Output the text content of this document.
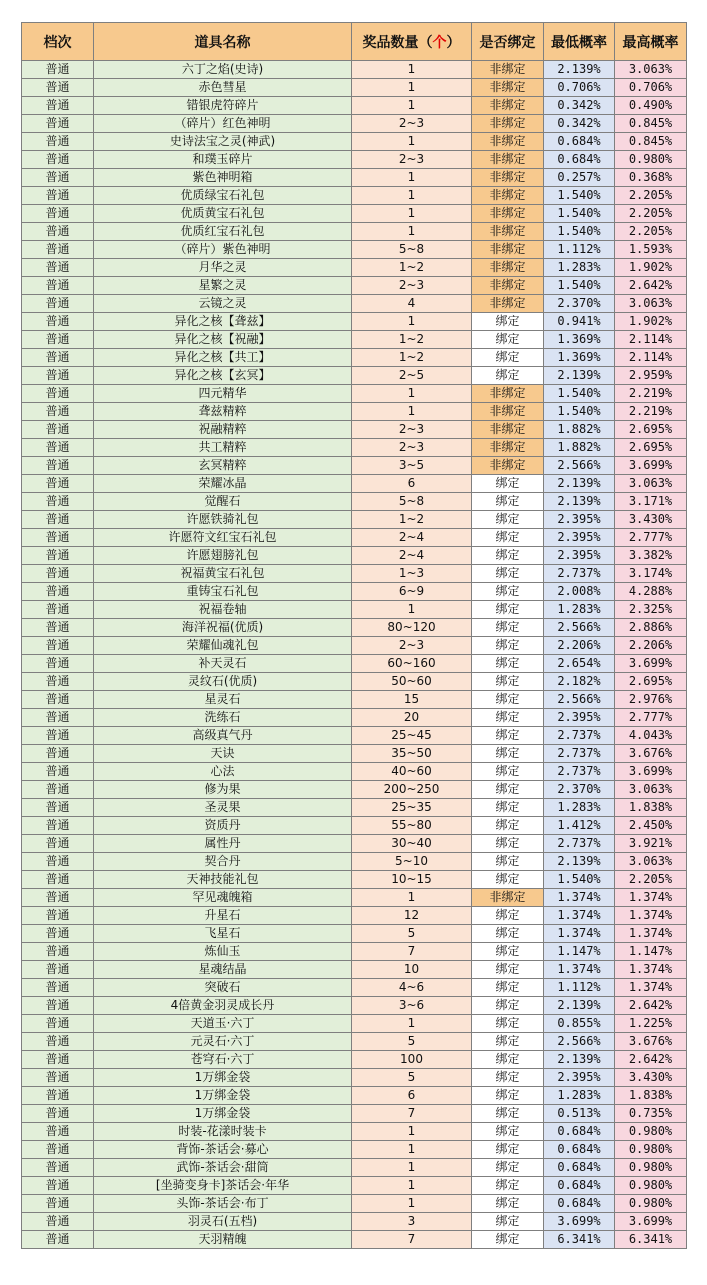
档次	道具名称	奖品数量（个）	是否绑定	最低概率	最高概率
普通	六丁之焰(史诗)	1	非绑定	2.139%	3.063%
普通	赤色彗星	1	非绑定	0.706%	0.706%
普通	错银虎符碎片	1	非绑定	0.342%	0.490%
普通	（碎片）红色神明	2~3	非绑定	0.342%	0.845%
普通	史诗法宝之灵(神武)	1	非绑定	0.684%	0.845%
普通	和璞玉碎片	2~3	非绑定	0.684%	0.980%
普通	紫色神明箱	1	非绑定	0.257%	0.368%
普通	优质绿宝石礼包	1	非绑定	1.540%	2.205%
普通	优质黄宝石礼包	1	非绑定	1.540%	2.205%
普通	优质红宝石礼包	1	非绑定	1.540%	2.205%
普通	（碎片）紫色神明	5~8	非绑定	1.112%	1.593%
普通	月华之灵	1~2	非绑定	1.283%	1.902%
普通	星繁之灵	2~3	非绑定	1.540%	2.642%
普通	云镜之灵	4	非绑定	2.370%	3.063%
普通	异化之核【聋兹】	1	绑定	0.941%	1.902%
普通	异化之核【祝融】	1~2	绑定	1.369%	2.114%
普通	异化之核【共工】	1~2	绑定	1.369%	2.114%
普通	异化之核【玄冥】	2~5	绑定	2.139%	2.959%
普通	四元精华	1	非绑定	1.540%	2.219%
普通	聋兹精粹	1	非绑定	1.540%	2.219%
普通	祝融精粹	2~3	非绑定	1.882%	2.695%
普通	共工精粹	2~3	非绑定	1.882%	2.695%
普通	玄冥精粹	3~5	非绑定	2.566%	3.699%
普通	荣耀冰晶	6	绑定	2.139%	3.063%
普通	觉醒石	5~8	绑定	2.139%	3.171%
普通	许愿铁骑礼包	1~2	绑定	2.395%	3.430%
普通	许愿符文红宝石礼包	2~4	绑定	2.395%	2.777%
普通	许愿翅膀礼包	2~4	绑定	2.395%	3.382%
普通	祝福黄宝石礼包	1~3	绑定	2.737%	3.174%
普通	重铸宝石礼包	6~9	绑定	2.008%	4.288%
普通	祝福卷轴	1	绑定	1.283%	2.325%
普通	海洋祝福(优质)	80~120	绑定	2.566%	2.886%
普通	荣耀仙魂礼包	2~3	绑定	2.206%	2.206%
普通	补天灵石	60~160	绑定	2.654%	3.699%
普通	灵纹石(优质)	50~60	绑定	2.182%	2.695%
普通	星灵石	15	绑定	2.566%	2.976%
普通	洗练石	20	绑定	2.395%	2.777%
普通	高级真气丹	25~45	绑定	2.737%	4.043%
普通	天诀	35~50	绑定	2.737%	3.676%
普通	心法	40~60	绑定	2.737%	3.699%
普通	修为果	200~250	绑定	2.370%	3.063%
普通	圣灵果	25~35	绑定	1.283%	1.838%
普通	资质丹	55~80	绑定	1.412%	2.450%
普通	属性丹	30~40	绑定	2.737%	3.921%
普通	契合丹	5~10	绑定	2.139%	3.063%
普通	天神技能礼包	10~15	绑定	1.540%	2.205%
普通	罕见魂魄箱	1	非绑定	1.374%	1.374%
普通	升星石	12	绑定	1.374%	1.374%
普通	飞星石	5	绑定	1.374%	1.374%
普通	炼仙玉	7	绑定	1.147%	1.147%
普通	星魂结晶	10	绑定	1.374%	1.374%
普通	突破石	4~6	绑定	1.112%	1.374%
普通	4倍黄金羽灵成长丹	3~6	绑定	2.139%	2.642%
普通	天道玉·六丁	1	绑定	0.855%	1.225%
普通	元灵石·六丁	5	绑定	2.566%	3.676%
普通	苍穹石·六丁	100	绑定	2.139%	2.642%
普通	1万绑金袋	5	绑定	2.395%	3.430%
普通	1万绑金袋	6	绑定	1.283%	1.838%
普通	1万绑金袋	7	绑定	0.513%	0.735%
普通	时装-花漾时装卡	1	绑定	0.684%	0.980%
普通	背饰-茶话会·募心	1	绑定	0.684%	0.980%
普通	武饰-茶话会·甜筒	1	绑定	0.684%	0.980%
普通	[坐骑变身卡]茶话会·年华	1	绑定	0.684%	0.980%
普通	头饰-茶话会·布丁	1	绑定	0.684%	0.980%
普通	羽灵石(五档)	3	绑定	3.699%	3.699%
普通	天羽精魄	7	绑定	6.341%	6.341%
